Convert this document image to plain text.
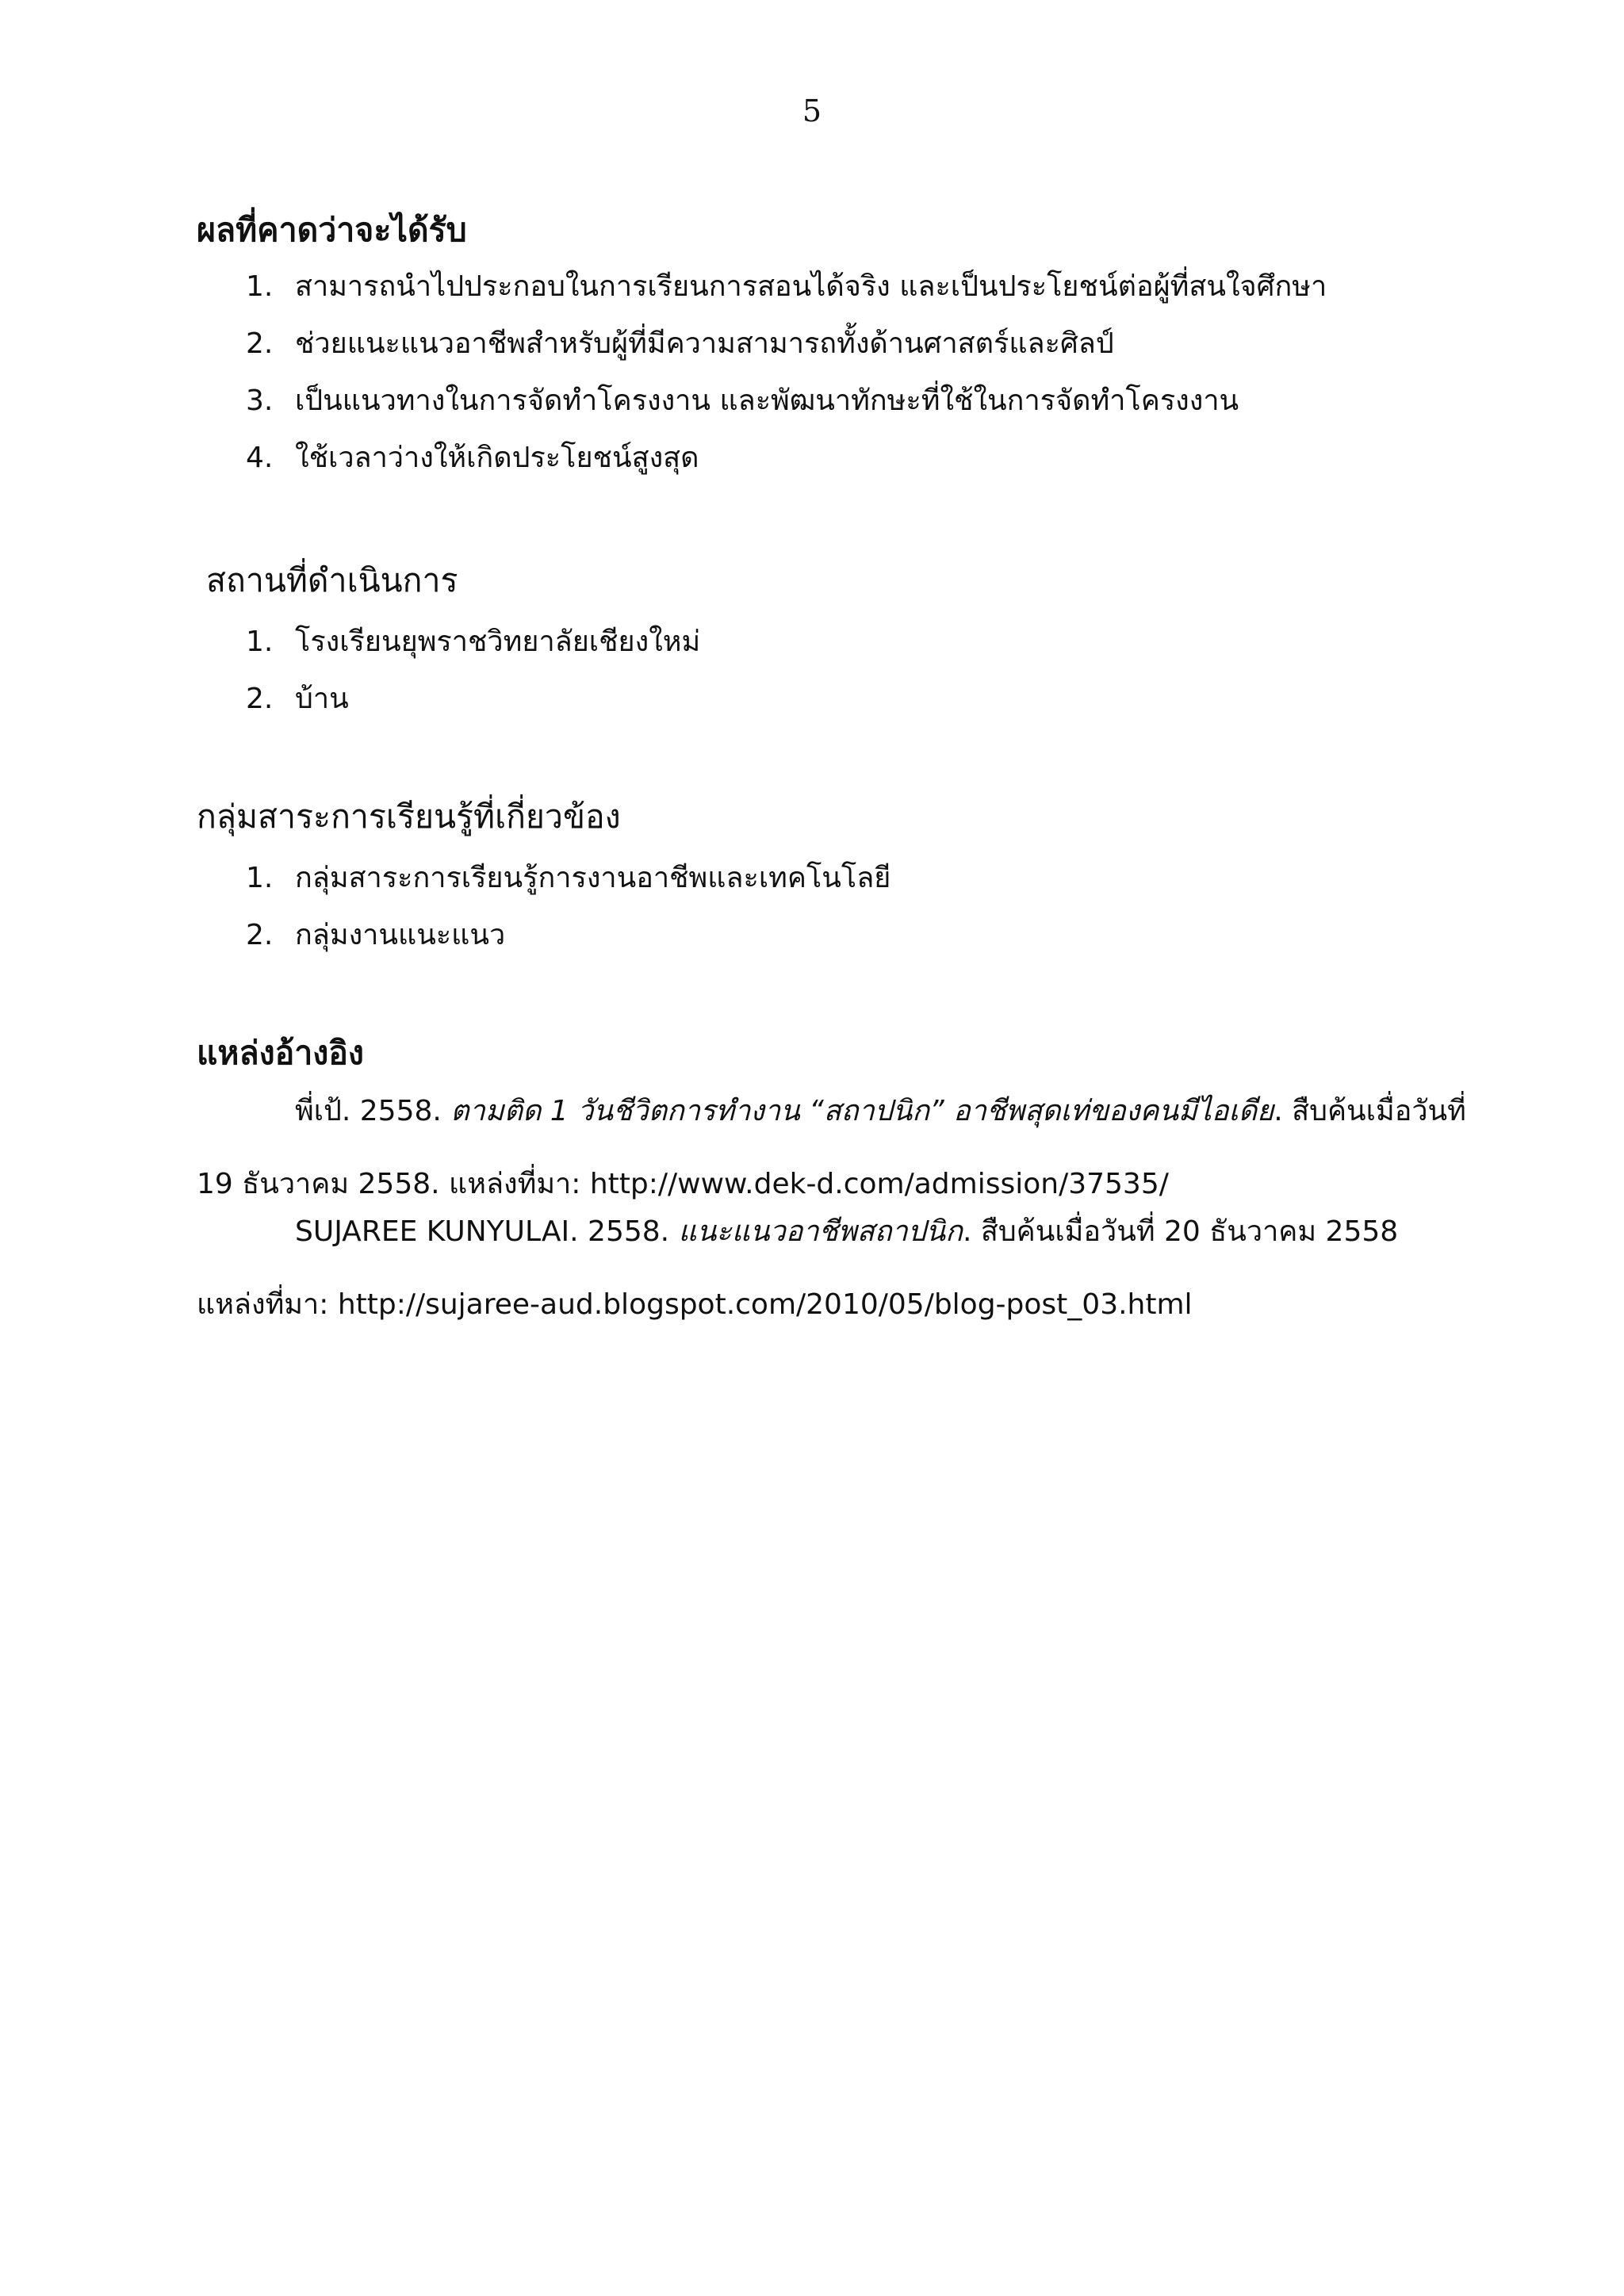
5
ผลที่คาดว่าจะได้รับ
1. สามารถนำไปประกอบในการเรียนการสอนได้จริง และเป็นประโยชน์ต่อผู้ที่สนใจศึกษา
2. ช่วยแนะแนวอาชีพสำหรับผู้ที่มีความสามารถทั้งด้านศาสตร์และศิลป์
3. เป็นแนวทางในการจัดทำโครงงาน และพัฒนาทักษะที่ใช้ในการจัดทำโครงงาน
4. ใช้เวลาว่างให้เกิดประโยชน์สูงสุด
สถานที่ดำเนินการ
1. โรงเรียนยุพราชวิทยาลัยเชียงใหม่
2. บ้าน
กลุ่มสาระการเรียนรู้ที่เกี่ยวข้อง
1. กลุ่มสาระการเรียนรู้การงานอาชีพและเทคโนโลยี
2. กลุ่มงานแนะแนว
แหล่งอ้างอิง
พี่เป้. 2558. ตามติด 1 วันชีวิตการทำงาน “สถาปนิก” อาชีพสุดเท่ของคนมีไอเดีย. สืบค้นเมื่อวันที่
19 ธันวาคม 2558. แหล่งที่มา: http://www.dek-d.com/admission/37535/
SUJAREE KUNYULAI. 2558. แนะแนวอาชีพสถาปนิก. สืบค้นเมื่อวันที่ 20 ธันวาคม 2558
แหล่งที่มา: http://sujaree-aud.blogspot.com/2010/05/blog-post_03.html
